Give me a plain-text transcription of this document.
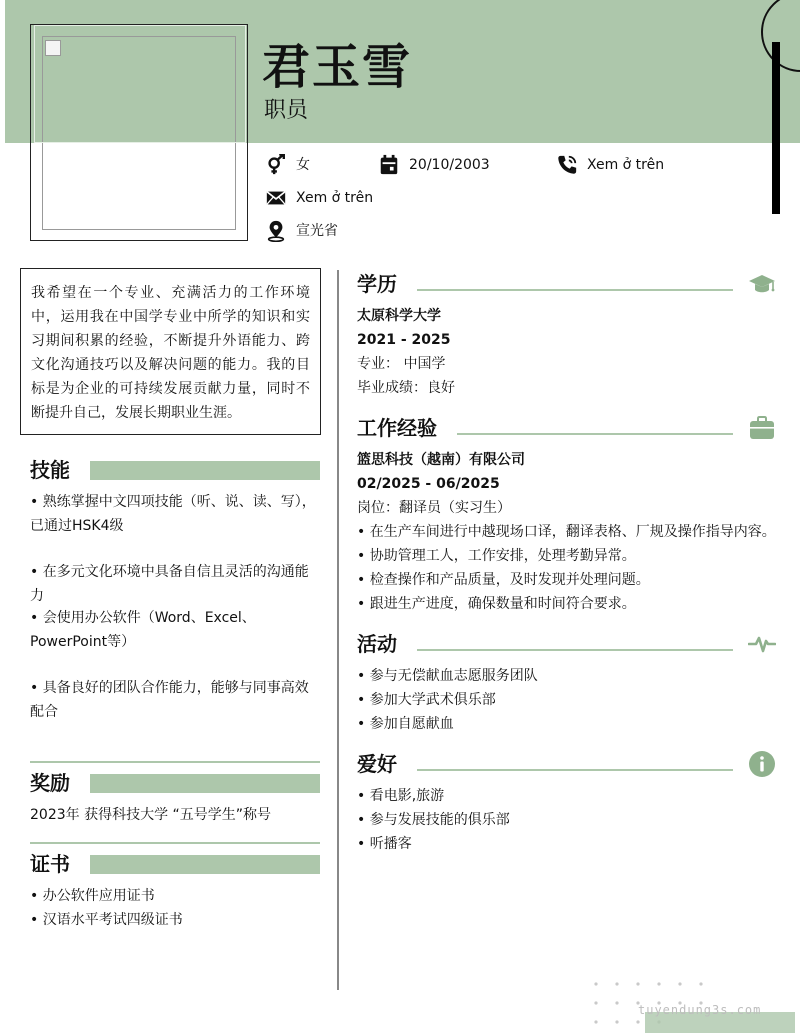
君玉雪
职员
女	20/10/2003	Xem ở trên
Xem ở trên
宣光省
我希望在一个专业、充满活力的工作环境中，运用我在中国学专业中所学的知识和实习期间积累的经验，不断提升外语能力、跨文化沟通技巧以及解决问题的能力。我的目标是为企业的可持续发展贡献力量，同时不断提升自己，发展长期职业生涯。
技能
• 熟练掌握中文四项技能（听、说、读、写），已通过HSK4级
• 在多元文化环境中具备自信且灵活的沟通能力
• 会使用办公软件（Word、Excel、PowerPoint等）
• 具备良好的团队合作能力，能够与同事高效配合
奖励
2023年 获得科技大学 “五号学生”称号
证书
• 办公软件应用证书
• 汉语水平考试四级证书
学历
太原科学大学
2021 - 2025
专业： 中国学
毕业成绩：良好
工作经验
篮思科技（越南）有限公司
02/2025 - 06/2025
岗位：翻译员（实习生）
• 在生产车间进行中越现场口译，翻译表格、厂规及操作指导内容。
• 协助管理工人，工作安排，处理考勤异常。
• 检查操作和产品质量，及时发现并处理问题。
• 跟进生产进度，确保数量和时间符合要求。
活动
• 参与无偿献血志愿服务团队
• 参加大学武术俱乐部
• 参加自愿献血
爱好
• 看电影,旅游
• 参与发展技能的俱乐部
• 听播客
tuyendung3s.com
